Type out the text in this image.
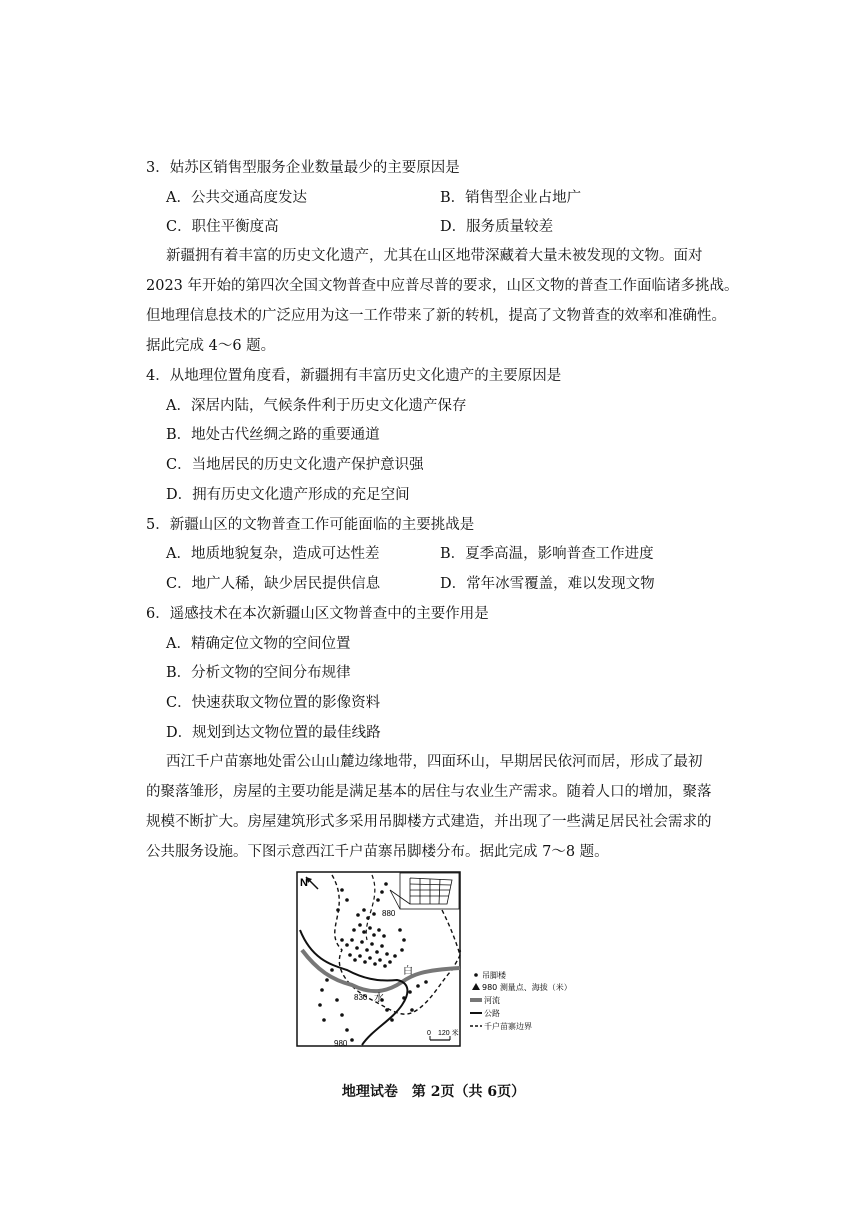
3．姑苏区销售型服务企业数量最少的主要原因是
A．公共交通高度发达	B．销售型企业占地广
C．职住平衡度高	D．服务质量较差
新疆拥有着丰富的历史文化遗产，尤其在山区地带深藏着大量未被发现的文物。面对
2023 年开始的第四次全国文物普查中应普尽普的要求，山区文物的普查工作面临诸多挑战。
但地理信息技术的广泛应用为这一工作带来了新的转机，提高了文物普查的效率和准确性。
据此完成 4～6 题。
4．从地理位置角度看，新疆拥有丰富历史文化遗产的主要原因是
A．深居内陆，气候条件利于历史文化遗产保存
B．地处古代丝绸之路的重要通道
C．当地居民的历史文化遗产保护意识强
D．拥有历史文化遗产形成的充足空间
5．新疆山区的文物普查工作可能面临的主要挑战是
A．地质地貌复杂，造成可达性差	B．夏季高温，影响普查工作进度
C．地广人稀，缺少居民提供信息	D．常年冰雪覆盖，难以发现文物
6．遥感技术在本次新疆山区文物普查中的主要作用是
A．精确定位文物的空间位置
B．分析文物的空间分布规律
C．快速获取文物位置的影像资料
D．规划到达文物位置的最佳线路
西江千户苗寨地处雷公山山麓边缘地带，四面环山，早期居民依河而居，形成了最初
的聚落雏形，房屋的主要功能是满足基本的居住与农业生产需求。随着人口的增加，聚落
规模不断扩大。房屋建筑形式多采用吊脚楼方式建造，并出现了一些满足居民社会需求的
公共服务设施。下图示意西江千户苗寨吊脚楼分布。据此完成 7～8 题。
N
880
830
980
白
水
0 120 米
吊脚楼
980 测量点、海拔（米）
河流
公路
千户苗寨边界
地理试卷　第 2页（共 6页）
